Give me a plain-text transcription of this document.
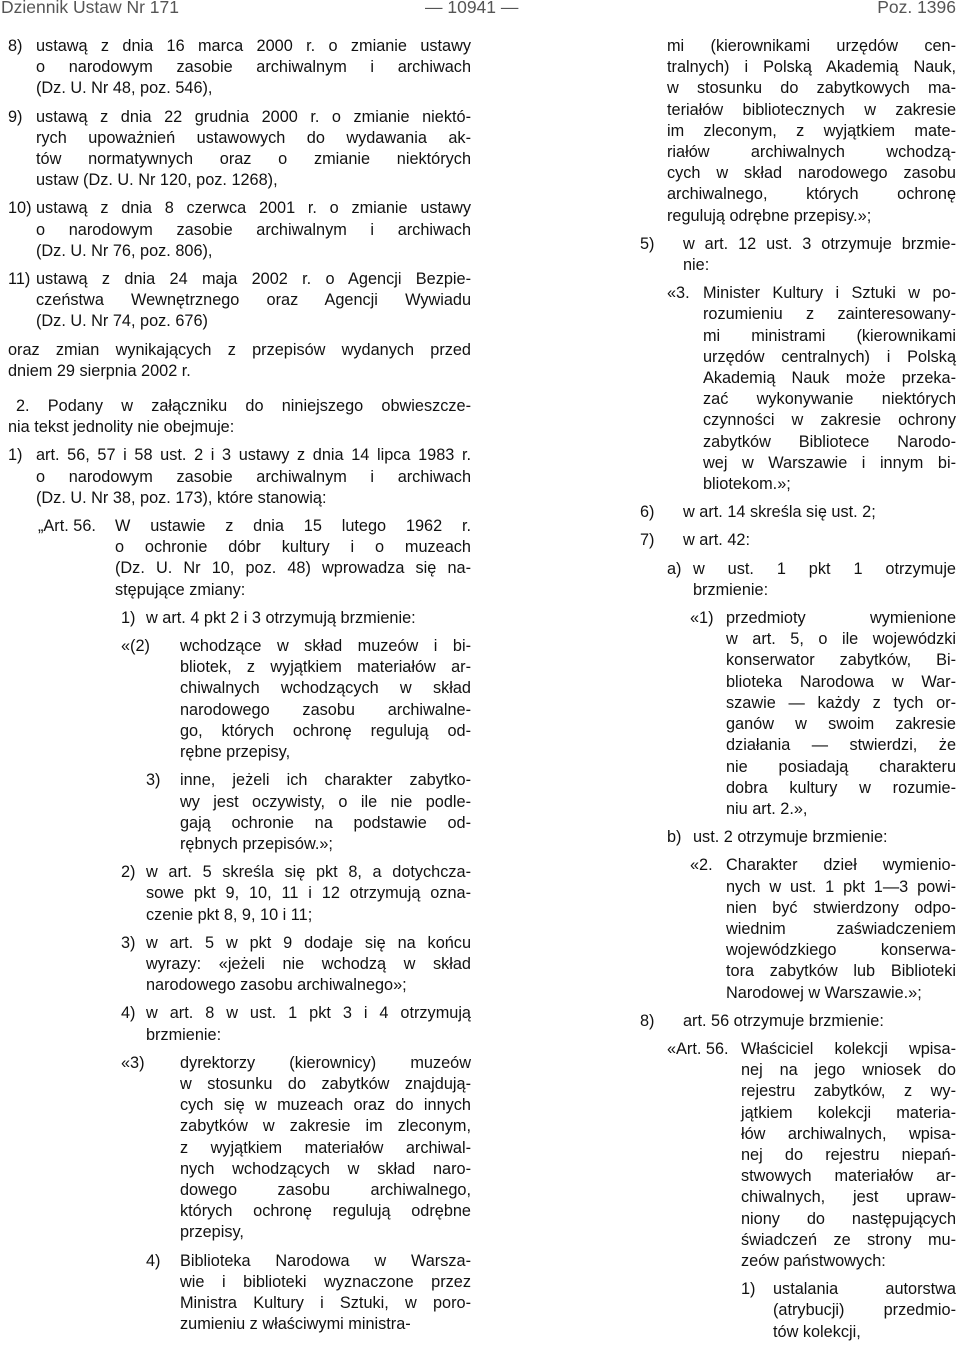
Dziennik Ustaw Nr 171	— 10941 —	Poz. 1396
8) ustawą z dnia 16 marca 2000 r. o zmianie ustawy

o narodowym zasobie archiwalnym i archiwach

(Dz. U. Nr 48, poz. 546),

9) ustawą z dnia 22 grudnia 2000 r. o zmianie niektó-

rych upoważnień ustawowych do wydawania ak-

tów normatywnych oraz o zmianie niektórych

ustaw (Dz. U. Nr 120, poz. 1268),

10) ustawą z dnia 8 czerwca 2001 r. o zmianie ustawy

o narodowym zasobie archiwalnym i archiwach

(Dz. U. Nr 76, poz. 806),

11) ustawą z dnia 24 maja 2002 r. o Agencji Bezpie-

czeństwa Wewnętrznego oraz Agencji Wywiadu

(Dz. U. Nr 74, poz. 676)

oraz zmian wynikających z przepisów wydanych przed

dniem 29 sierpnia 2002 r.

2. Podany w załączniku do niniejszego obwieszcze-

nia tekst jednolity nie obejmuje:

1) art. 56, 57 i 58 ust. 2 i 3 ustawy z dnia 14 lipca 1983 r.

o narodowym zasobie archiwalnym i archiwach

(Dz. U. Nr 38, poz. 173), które stanowią:

„Art. 56. W ustawie z dnia 15 lutego 1962 r.

o ochronie dóbr kultury i o muzeach

(Dz. U. Nr 10, poz. 48) wprowadza się na-

stępujące zmiany:

1) w art. 4 pkt 2 i 3 otrzymują brzmienie:

«(2) wchodzące w skład muzeów i bi-

bliotek, z wyjątkiem materiałów ar-

chiwalnych wchodzących w skład

narodowego zasobu archiwalne-

go, których ochronę regulują od-

rębne przepisy,

3) inne, jeżeli ich charakter zabytko-

wy jest oczywisty, o ile nie podle-

gają ochronie na podstawie od-

rębnych przepisów.»;

2) w art. 5 skreśla się pkt 8, a dotychcza-

sowe pkt 9, 10, 11 i 12 otrzymują ozna-

czenie pkt 8, 9, 10 i 11;

3) w art. 5 w pkt 9 dodaje się na końcu

wyrazy: «jeżeli nie wchodzą w skład

narodowego zasobu archiwalnego»;

4) w art. 8 w ust. 1 pkt 3 i 4 otrzymują

brzmienie:

«3) dyrektorzy (kierownicy) muzeów

w stosunku do zabytków znajdują-

cych się w muzeach oraz do innych

zabytków w zakresie im zleconym,

z wyjątkiem materiałów archiwal-

nych wchodzących w skład naro-

dowego zasobu archiwalnego,

których ochronę regulują odrębne

przepisy,

4) Biblioteka Narodowa w Warsza-

wie i biblioteki wyznaczone przez

Ministra Kultury i Sztuki, w poro-

zumieniu z właściwymi ministra-

mi (kierownikami urzędów cen-

tralnych) i Polską Akademią Nauk,

w stosunku do zabytkowych ma-

teriałów bibliotecznych w zakresie

im zleconym, z wyjątkiem mate-

riałów archiwalnych wchodzą-

cych w skład narodowego zasobu

archiwalnego, których ochronę

regulują odrębne przepisy.»;

5) w art. 12 ust. 3 otrzymuje brzmie-

nie:

«3. Minister Kultury i Sztuki w po-

rozumieniu z zainteresowany-

mi ministrami (kierownikami

urzędów centralnych) i Polską

Akademią Nauk może przeka-

zać wykonywanie niektórych

czynności w zakresie ochrony

zabytków Bibliotece Narodo-

wej w Warszawie i innym bi-

bliotekom.»;

6) w art. 14 skreśla się ust. 2;

7) w art. 42:

a) w ust. 1 pkt 1 otrzymuje

brzmienie:

«1) przedmioty wymienione

w art. 5, o ile wojewódzki

konserwator zabytków, Bi-

blioteka Narodowa w War-

szawie — każdy z tych or-

ganów w swoim zakresie

działania — stwierdzi, że

nie posiadają charakteru

dobra kultury w rozumie-

niu art. 2.»,

b) ust. 2 otrzymuje brzmienie:

«2. Charakter dzieł wymienio-

nych w ust. 1 pkt 1—3 powi-

nien być stwierdzony odpo-

wiednim zaświadczeniem

wojewódzkiego konserwa-

tora zabytków lub Biblioteki

Narodowej w Warszawie.»;

8) art. 56 otrzymuje brzmienie:

«Art. 56. Właściciel kolekcji wpisa-

nej na jego wniosek do

rejestru zabytków, z wy-

jątkiem kolekcji materia-

łów archiwalnych, wpisa-

nej do rejestru niepań-

stwowych materiałów ar-

chiwalnych, jest upraw-

niony do następujących

świadczeń ze strony mu-

zeów państwowych:

1) ustalania autorstwa

(atrybucji) przedmio-

tów kolekcji,
